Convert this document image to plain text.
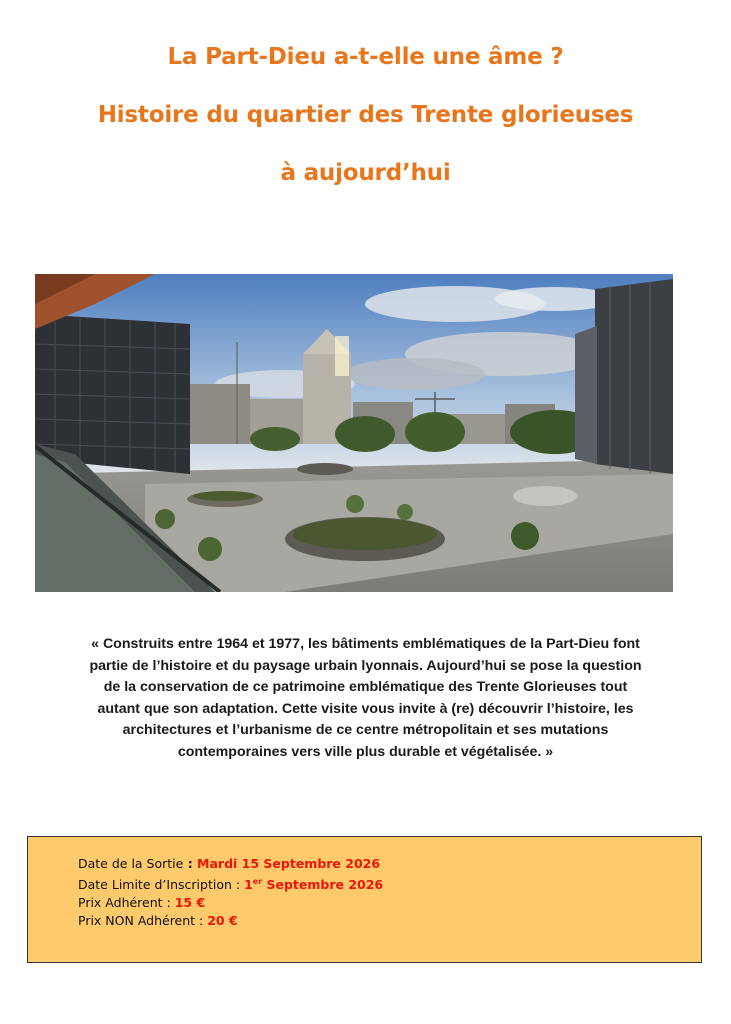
La Part-Dieu a-t-elle une âme ?
Histoire du quartier des Trente glorieuses
à aujourd’hui
« Construits entre 1964 et 1977, les bâtiments emblématiques de la Part-Dieu font
partie de l’histoire et du paysage urbain lyonnais. Aujourd’hui se pose la question
de la conservation de ce patrimoine emblématique des Trente Glorieuses tout
autant que son adaptation. Cette visite vous invite à (re) découvrir l’histoire, les
architectures et l’urbanisme de ce centre métropolitain et ses mutations
contemporaines vers ville plus durable et végétalisée. »
Date de la Sortie : Mardi 15 Septembre 2026
Date Limite d’Inscription : 1er Septembre 2026
Prix Adhérent : 15 €
Prix NON Adhérent : 20 €
